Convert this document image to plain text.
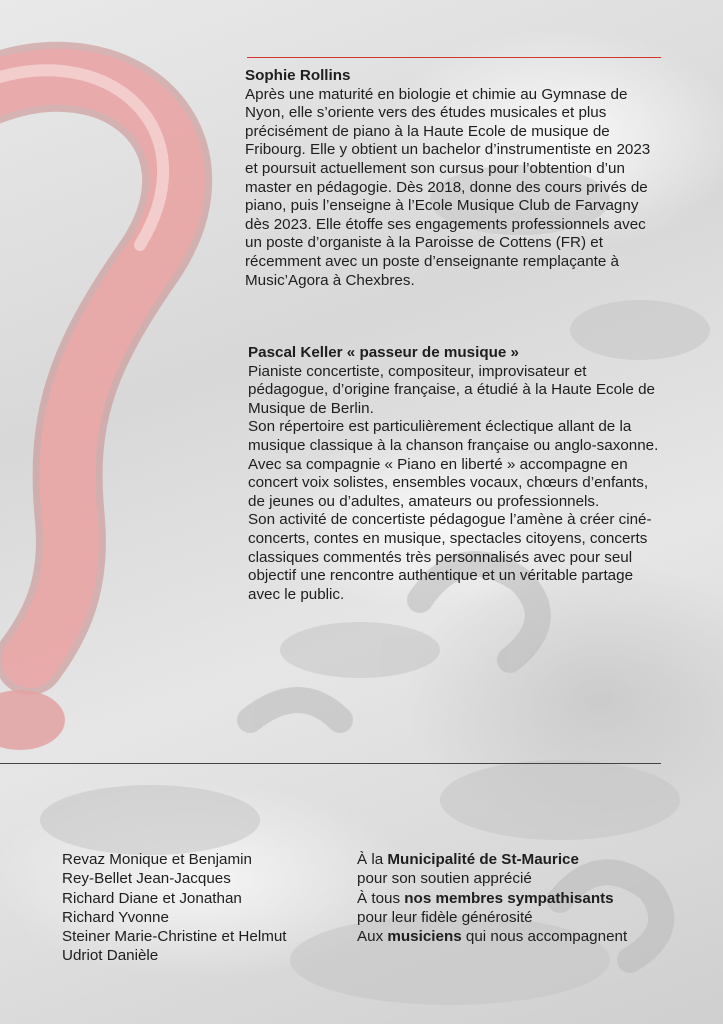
Sophie Rollins
Après une maturité en biologie et chimie au Gymnase de Nyon, elle s’oriente vers des études musicales et plus précisément de piano à la Haute Ecole de musique de Fribourg. Elle y obtient un bachelor d’instrumentiste en 2023 et poursuit actuellement son cursus pour l’obtention d’un master en pédagogie. Dès 2018, donne des cours privés de piano, puis l’enseigne à l’Ecole Musique Club de Farvagny dès 2023. Elle étoffe ses engagements professionnels avec un poste d’organiste à la Paroisse de Cottens (FR) et récemment avec un poste d’enseignante remplaçante à Music’Agora à Chexbres.
Pascal Keller « passeur de musique »
Pianiste concertiste, compositeur, improvisateur et pédagogue, d’origine française, a étudié à la Haute Ecole de Musique de Berlin.
Son répertoire est particulièrement éclectique allant de la musique classique à la chanson française ou anglo-saxonne. Avec sa compagnie « Piano en liberté » accompagne en concert voix solistes, ensembles vocaux, chœurs d’enfants, de jeunes ou d’adultes, amateurs ou professionnels.
Son activité de concertiste pédagogue l’amène à créer ciné-concerts, contes en musique, spectacles citoyens, concerts classiques commentés très personnalisés avec pour seul objectif une rencontre authentique et un véritable partage avec le public.
Revaz Monique et Benjamin
Rey-Bellet Jean-Jacques
Richard Diane et Jonathan
Richard Yvonne
Steiner Marie-Christine et Helmut
Udriot Danièle
À la Municipalité de St-Maurice
pour son soutien apprécié
À tous nos membres sympathisants
pour leur fidèle générosité
Aux musiciens qui nous accompagnent
